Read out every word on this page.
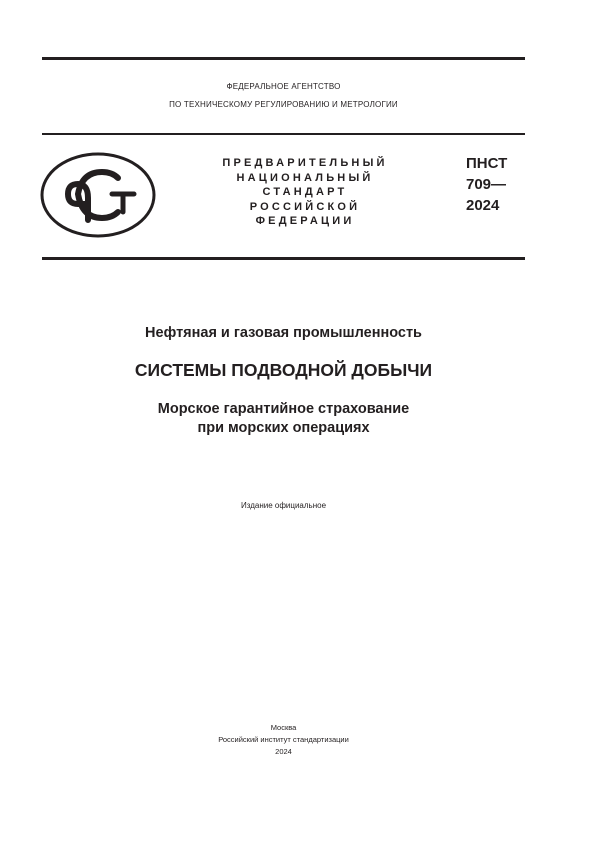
ФЕДЕРАЛЬНОЕ АГЕНТСТВО
ПО ТЕХНИЧЕСКОМУ РЕГУЛИРОВАНИЮ И МЕТРОЛОГИИ
ПРЕДВАРИТЕЛЬНЫЙ
НАЦИОНАЛЬНЫЙ
СТАНДАРТ
РОССИЙСКОЙ
ФЕДЕРАЦИИ
ПНСТ
709—
2024
Нефтяная и газовая промышленность
СИСТЕМЫ ПОДВОДНОЙ ДОБЫЧИ
Морское гарантийное страхование
при морских операциях
Издание официальное
Москва
Российский институт стандартизации
2024
